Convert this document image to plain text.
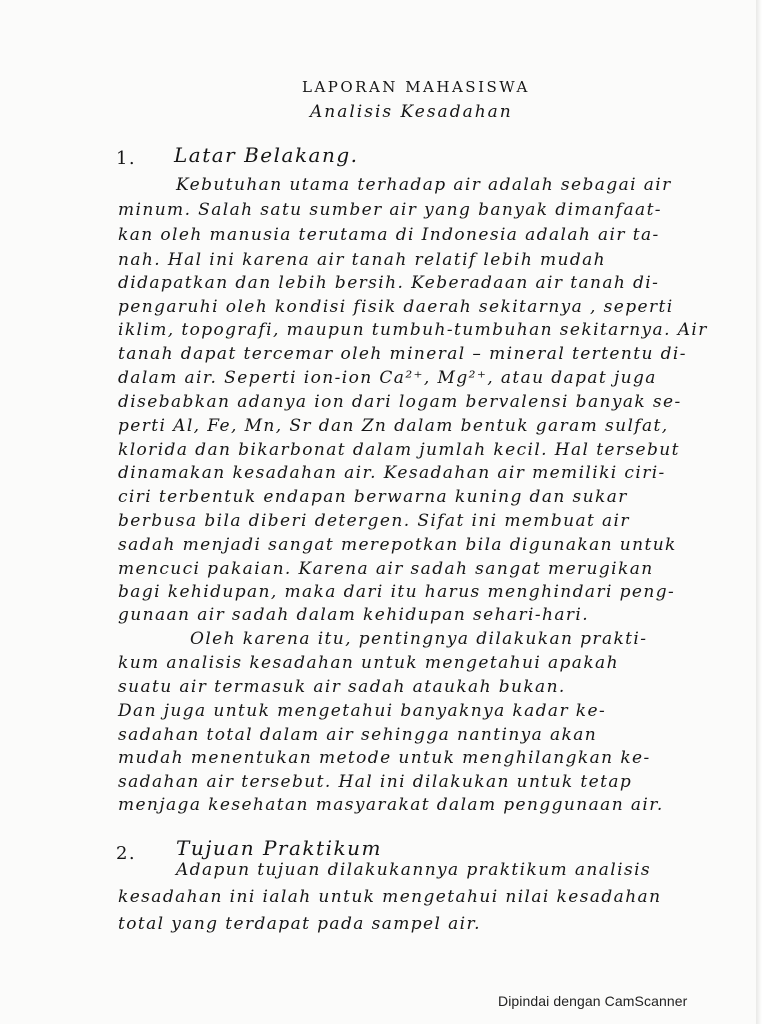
LAPORAN MAHASISWA
Analisis Kesadahan
1. Latar Belakang.
Kebutuhan utama terhadap air adalah sebagai air
minum. Salah satu sumber air yang banyak dimanfaat-
kan oleh manusia terutama di Indonesia adalah air ta-
nah. Hal ini karena air tanah relatif lebih mudah
didapatkan dan lebih bersih. Keberadaan air tanah di-
pengaruhi oleh kondisi fisik daerah sekitarnya , seperti
iklim, topografi, maupun tumbuh-tumbuhan sekitarnya. Air
tanah dapat tercemar oleh mineral – mineral tertentu di-
dalam air. Seperti ion-ion Ca²⁺, Mg²⁺, atau dapat juga
disebabkan adanya ion dari logam bervalensi banyak se-
perti Al, Fe, Mn, Sr dan Zn dalam bentuk garam sulfat,
klorida dan bikarbonat dalam jumlah kecil. Hal tersebut
dinamakan kesadahan air. Kesadahan air memiliki ciri-
ciri terbentuk endapan berwarna kuning dan sukar
berbusa bila diberi detergen. Sifat ini membuat air
sadah menjadi sangat merepotkan bila digunakan untuk
mencuci pakaian. Karena air sadah sangat merugikan
bagi kehidupan, maka dari itu harus menghindari peng-
gunaan air sadah dalam kehidupan sehari-hari.
Oleh karena itu, pentingnya dilakukan prakti-
kum analisis kesadahan untuk mengetahui apakah
suatu air termasuk air sadah ataukah bukan.
Dan juga untuk mengetahui banyaknya kadar ke-
sadahan total dalam air sehingga nantinya akan
mudah menentukan metode untuk menghilangkan ke-
sadahan air tersebut. Hal ini dilakukan untuk tetap
menjaga kesehatan masyarakat dalam penggunaan air.
2. Tujuan Praktikum
Adapun tujuan dilakukannya praktikum analisis
kesadahan ini ialah untuk mengetahui nilai kesadahan
total yang terdapat pada sampel air.
Dipindai dengan CamScanner
